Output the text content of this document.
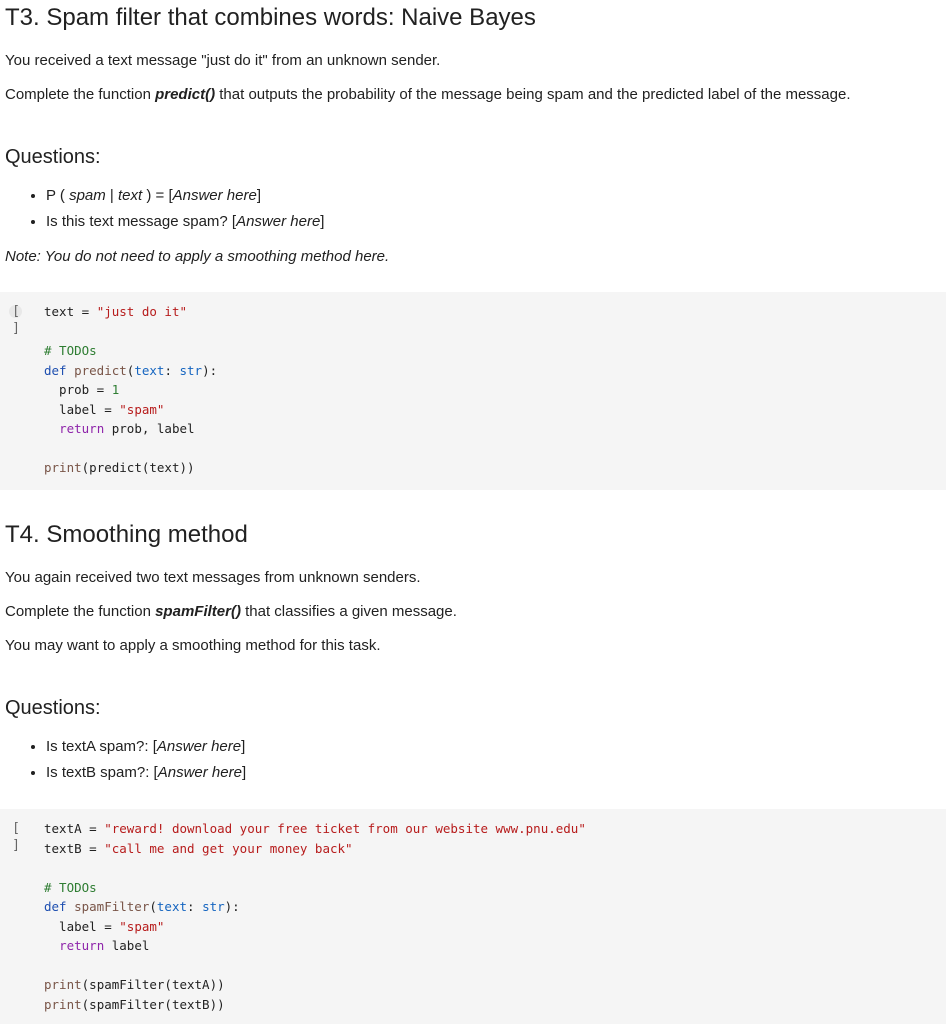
T3. Spam filter that combines words: Naive Bayes

You received a text message "just do it" from an unknown sender.

Complete the function predict() that outputs the probability of the message being spam and the predicted label of the message.

Questions:
• P ( spam | text ) = [Answer here]
• Is this text message spam? [Answer here]

Note: You do not need to apply a smoothing method here.

[ ]
text = "just do it"

# TODOs
def predict(text: str):
prob = 1
label = "spam"
return prob, label

print(predict(text))
T4. Smoothing method

You again received two text messages from unknown senders.

Complete the function spamFilter() that classifies a given message.

You may want to apply a smoothing method for this task.

Questions:
• Is textA spam?: [Answer here]
• Is textB spam?: [Answer here]
[ ]
textA = "reward! download your free ticket from our website www.pnu.edu"
textB = "call me and get your money back"

# TODOs
def spamFilter(text: str):
label = "spam"
return label

print(spamFilter(textA))
print(spamFilter(textB))
